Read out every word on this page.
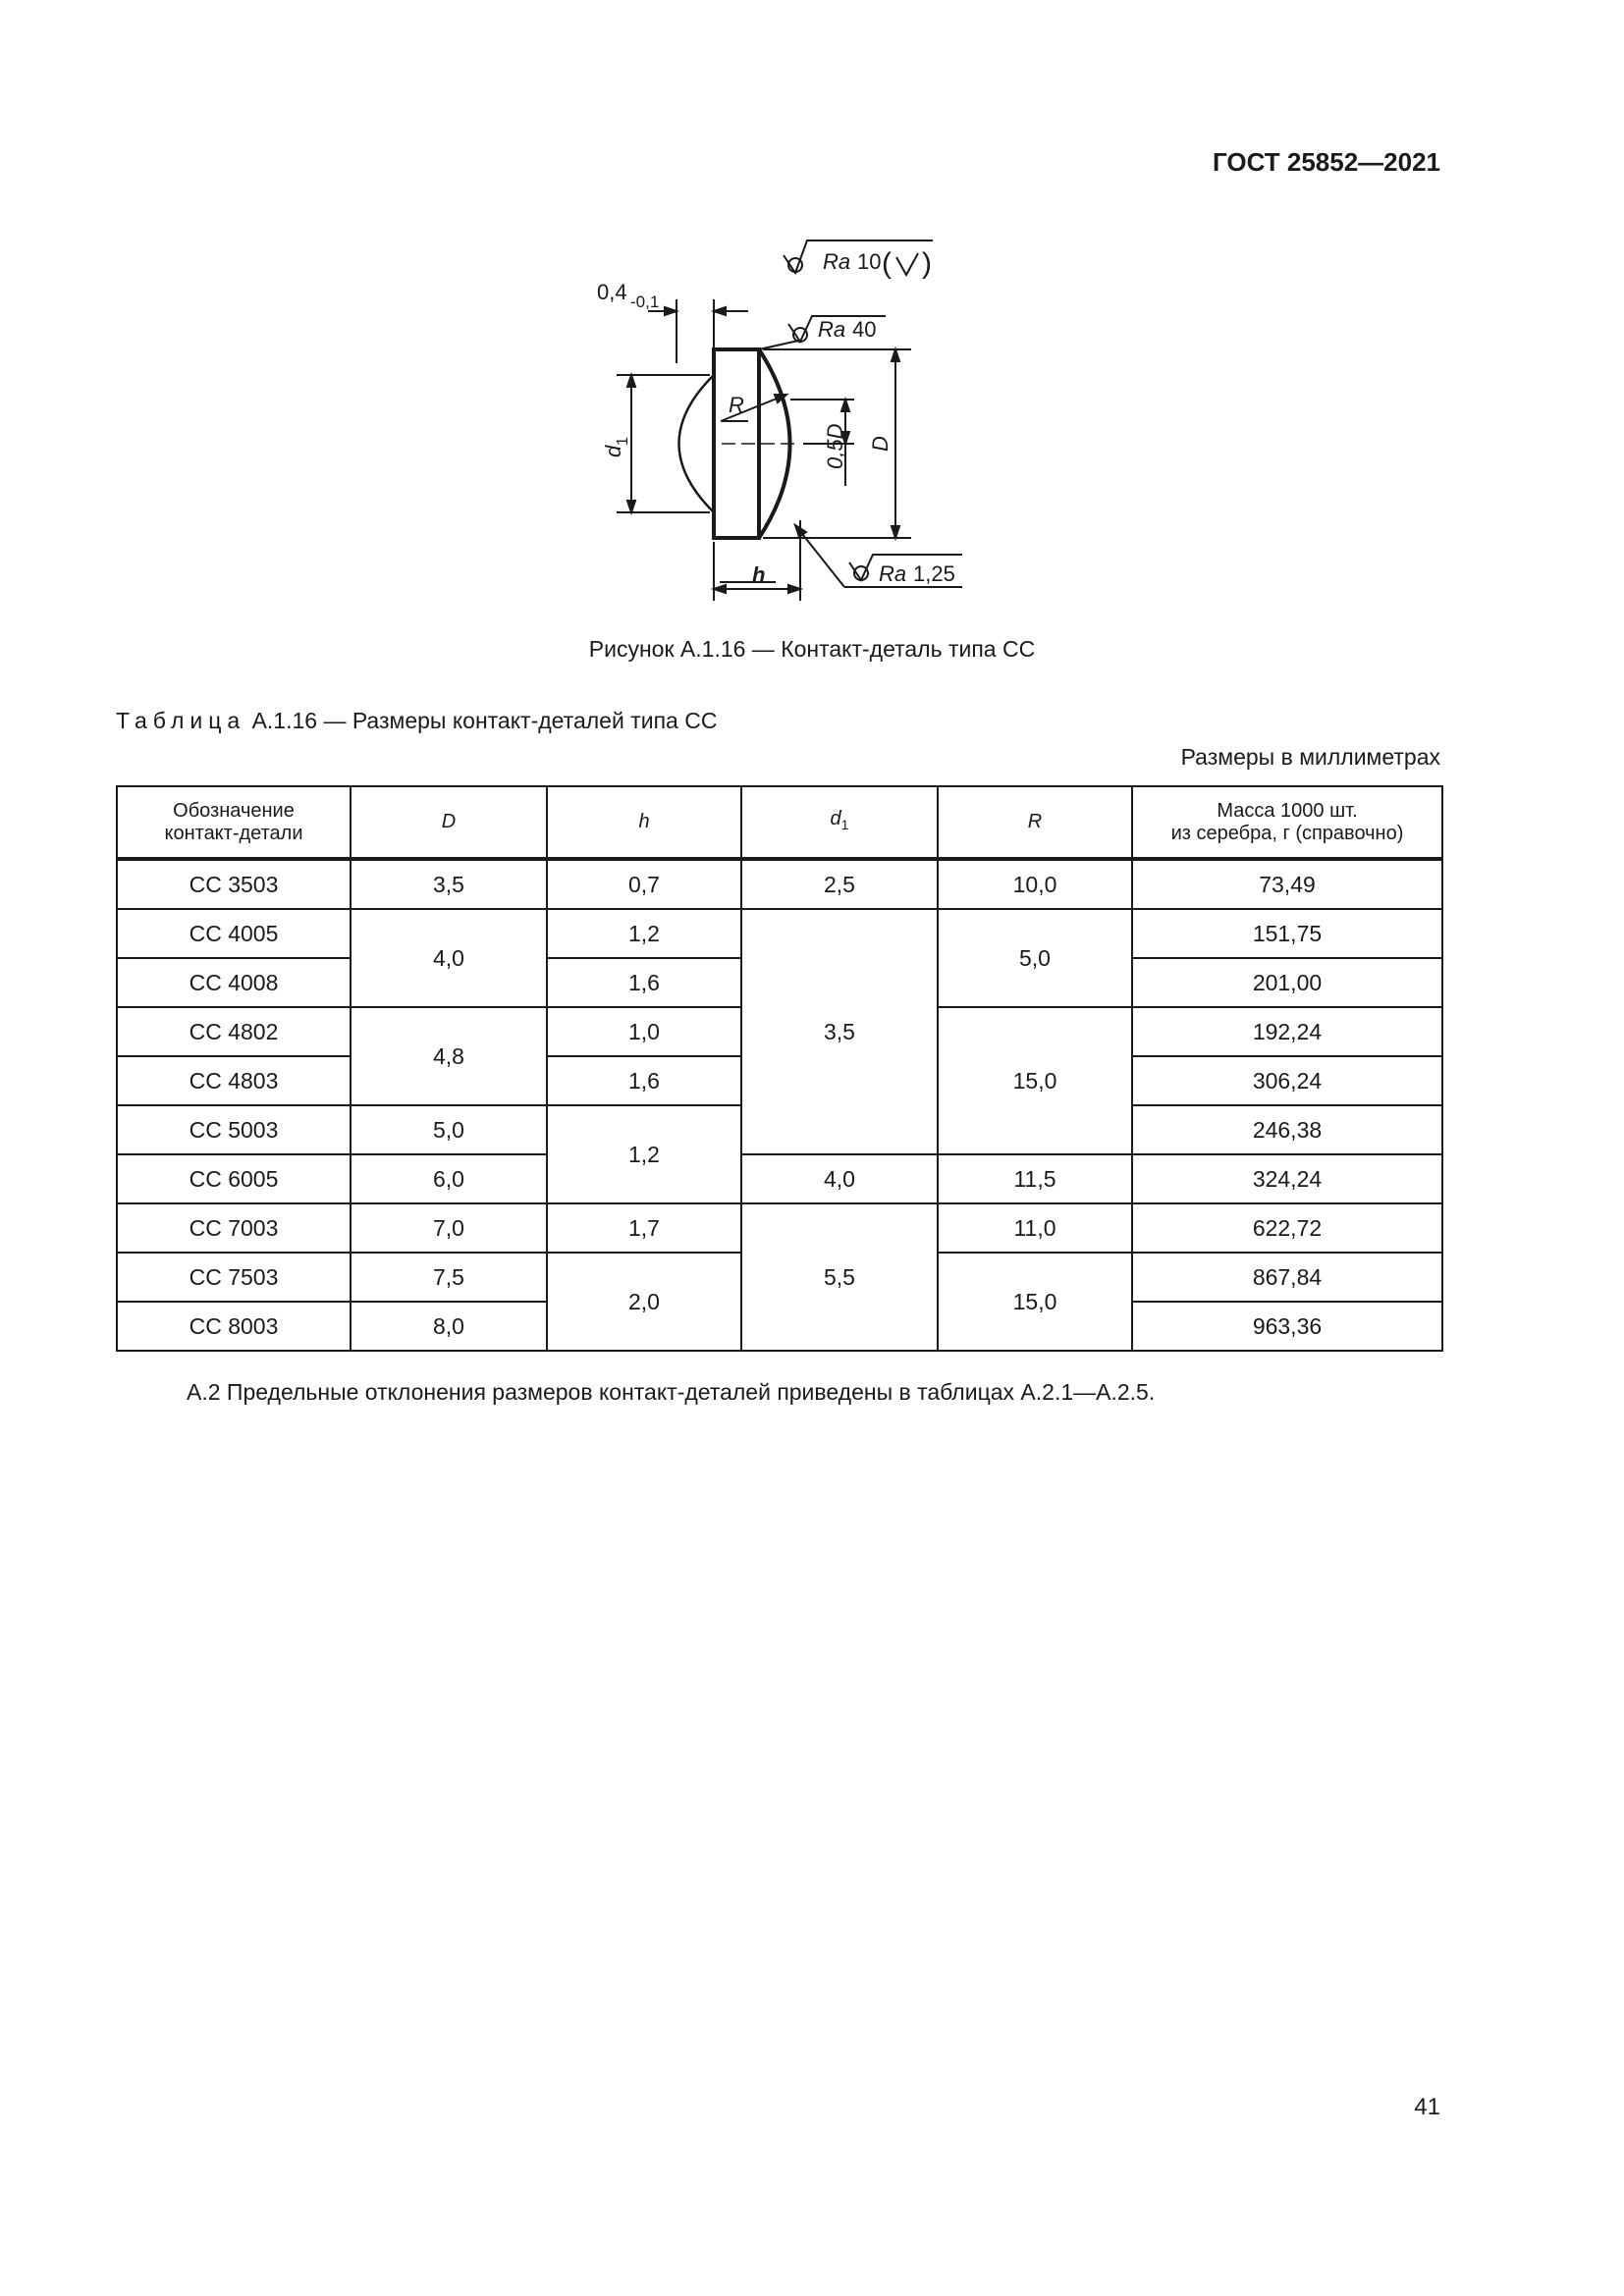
ГОСТ 25852—2021
Ra 10 ( )
Ra 40
Ra 1,25
0,4 -0,1
R
h
d
1	0,5D D
Рисунок А.1.16 — Контакт-деталь типа СС
Таблица А.1.16 — Размеры контакт-деталей типа СС
Размеры в миллиметрах
Обозначение
контакт-детали	D	h	$d_1$	R	Масса 1000 шт.
из серебра, г (справочно)
СС 3503	3,5	0,7	2,5	10,0	73,49
СС 4005	4,0	1,2	3,5	5,0	151,75
СС 4008		1,6			201,00
СС 4802	4,8	1,0		15,0	192,24
СС 4803		1,6			306,24
СС 5003	5,0	1,2			246,38
СС 6005	6,0		4,0	11,5	324,24
СС 7003	7,0	1,7	5,5	11,0	622,72
СС 7503	7,5	2,0		15,0	867,84
СС 8003	8,0				963,36
А.2 Предельные отклонения размеров контакт-деталей приведены в таблицах А.2.1—А.2.5.
41
